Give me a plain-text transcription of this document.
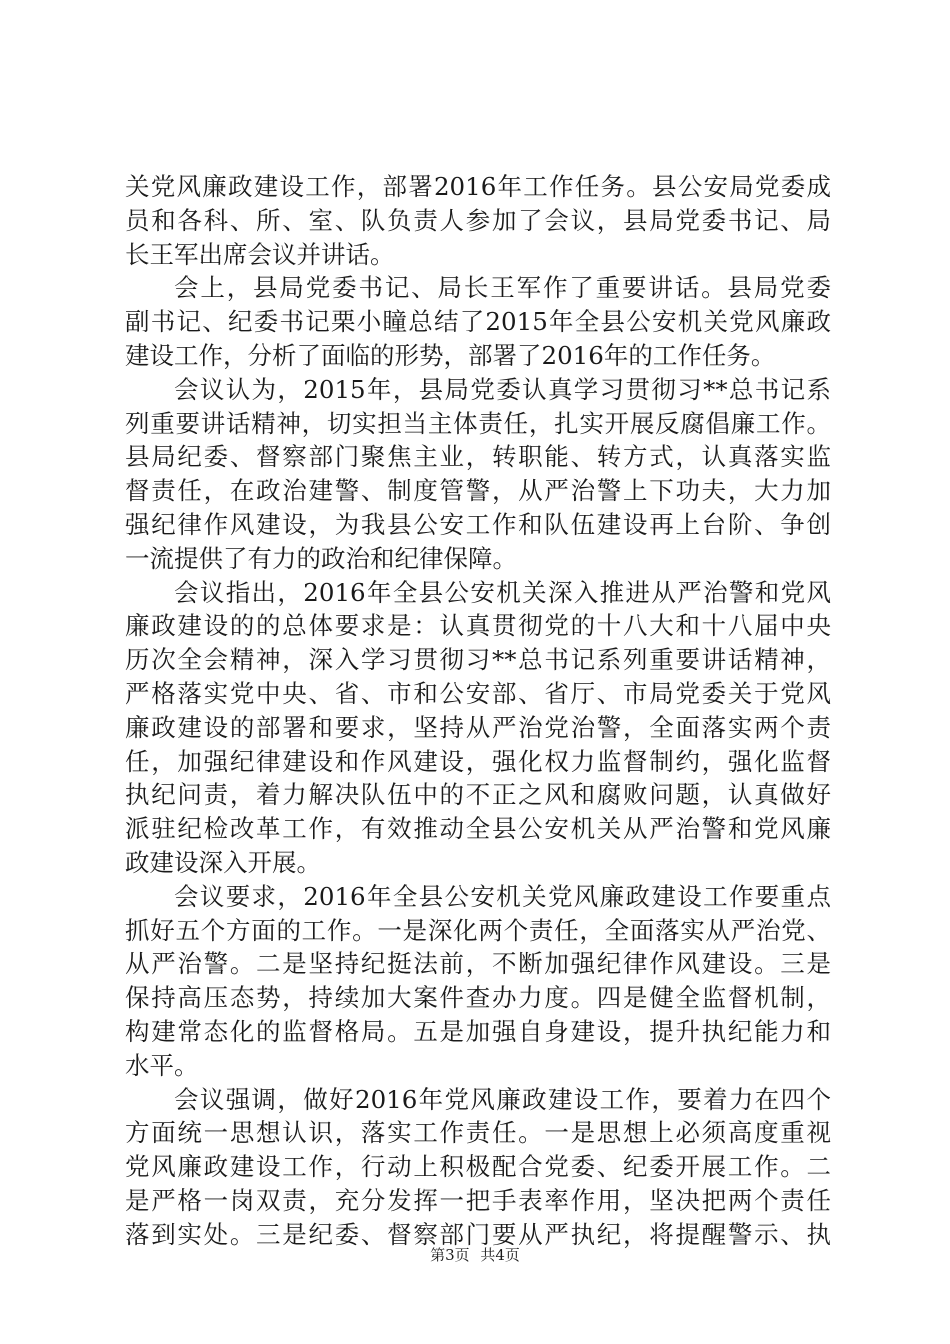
关党风廉政建设工作，部署2016年工作任务。县公安局党委成
员和各科、所、室、队负责人参加了会议，县局党委书记、局
长王军出席会议并讲话。
会上，县局党委书记、局长王军作了重要讲话。县局党委
副书记、纪委书记栗小瞳总结了2015年全县公安机关党风廉政
建设工作，分析了面临的形势，部署了2016年的工作任务。
会议认为，2015年，县局党委认真学习贯彻习**总书记系
列重要讲话精神，切实担当主体责任，扎实开展反腐倡廉工作。
县局纪委、督察部门聚焦主业，转职能、转方式，认真落实监
督责任，在政治建警、制度管警，从严治警上下功夫，大力加
强纪律作风建设，为我县公安工作和队伍建设再上台阶、争创
一流提供了有力的政治和纪律保障。
会议指出，2016年全县公安机关深入推进从严治警和党风
廉政建设的的总体要求是：认真贯彻党的十八大和十八届中央
历次全会精神，深入学习贯彻习**总书记系列重要讲话精神，
严格落实党中央、省、市和公安部、省厅、市局党委关于党风
廉政建设的部署和要求，坚持从严治党治警，全面落实两个责
任，加强纪律建设和作风建设，强化权力监督制约，强化监督
执纪问责，着力解决队伍中的不正之风和腐败问题，认真做好
派驻纪检改革工作，有效推动全县公安机关从严治警和党风廉
政建设深入开展。
会议要求，2016年全县公安机关党风廉政建设工作要重点
抓好五个方面的工作。一是深化两个责任，全面落实从严治党、
从严治警。二是坚持纪挺法前，不断加强纪律作风建设。三是
保持高压态势，持续加大案件查办力度。四是健全监督机制，
构建常态化的监督格局。五是加强自身建设，提升执纪能力和
水平。
会议强调，做好2016年党风廉政建设工作，要着力在四个
方面统一思想认识，落实工作责任。一是思想上必须高度重视
党风廉政建设工作，行动上积极配合党委、纪委开展工作。二
是严格一岗双责，充分发挥一把手表率作用，坚决把两个责任
落到实处。三是纪委、督察部门要从严执纪，将提醒警示、执
第3页 共4页
